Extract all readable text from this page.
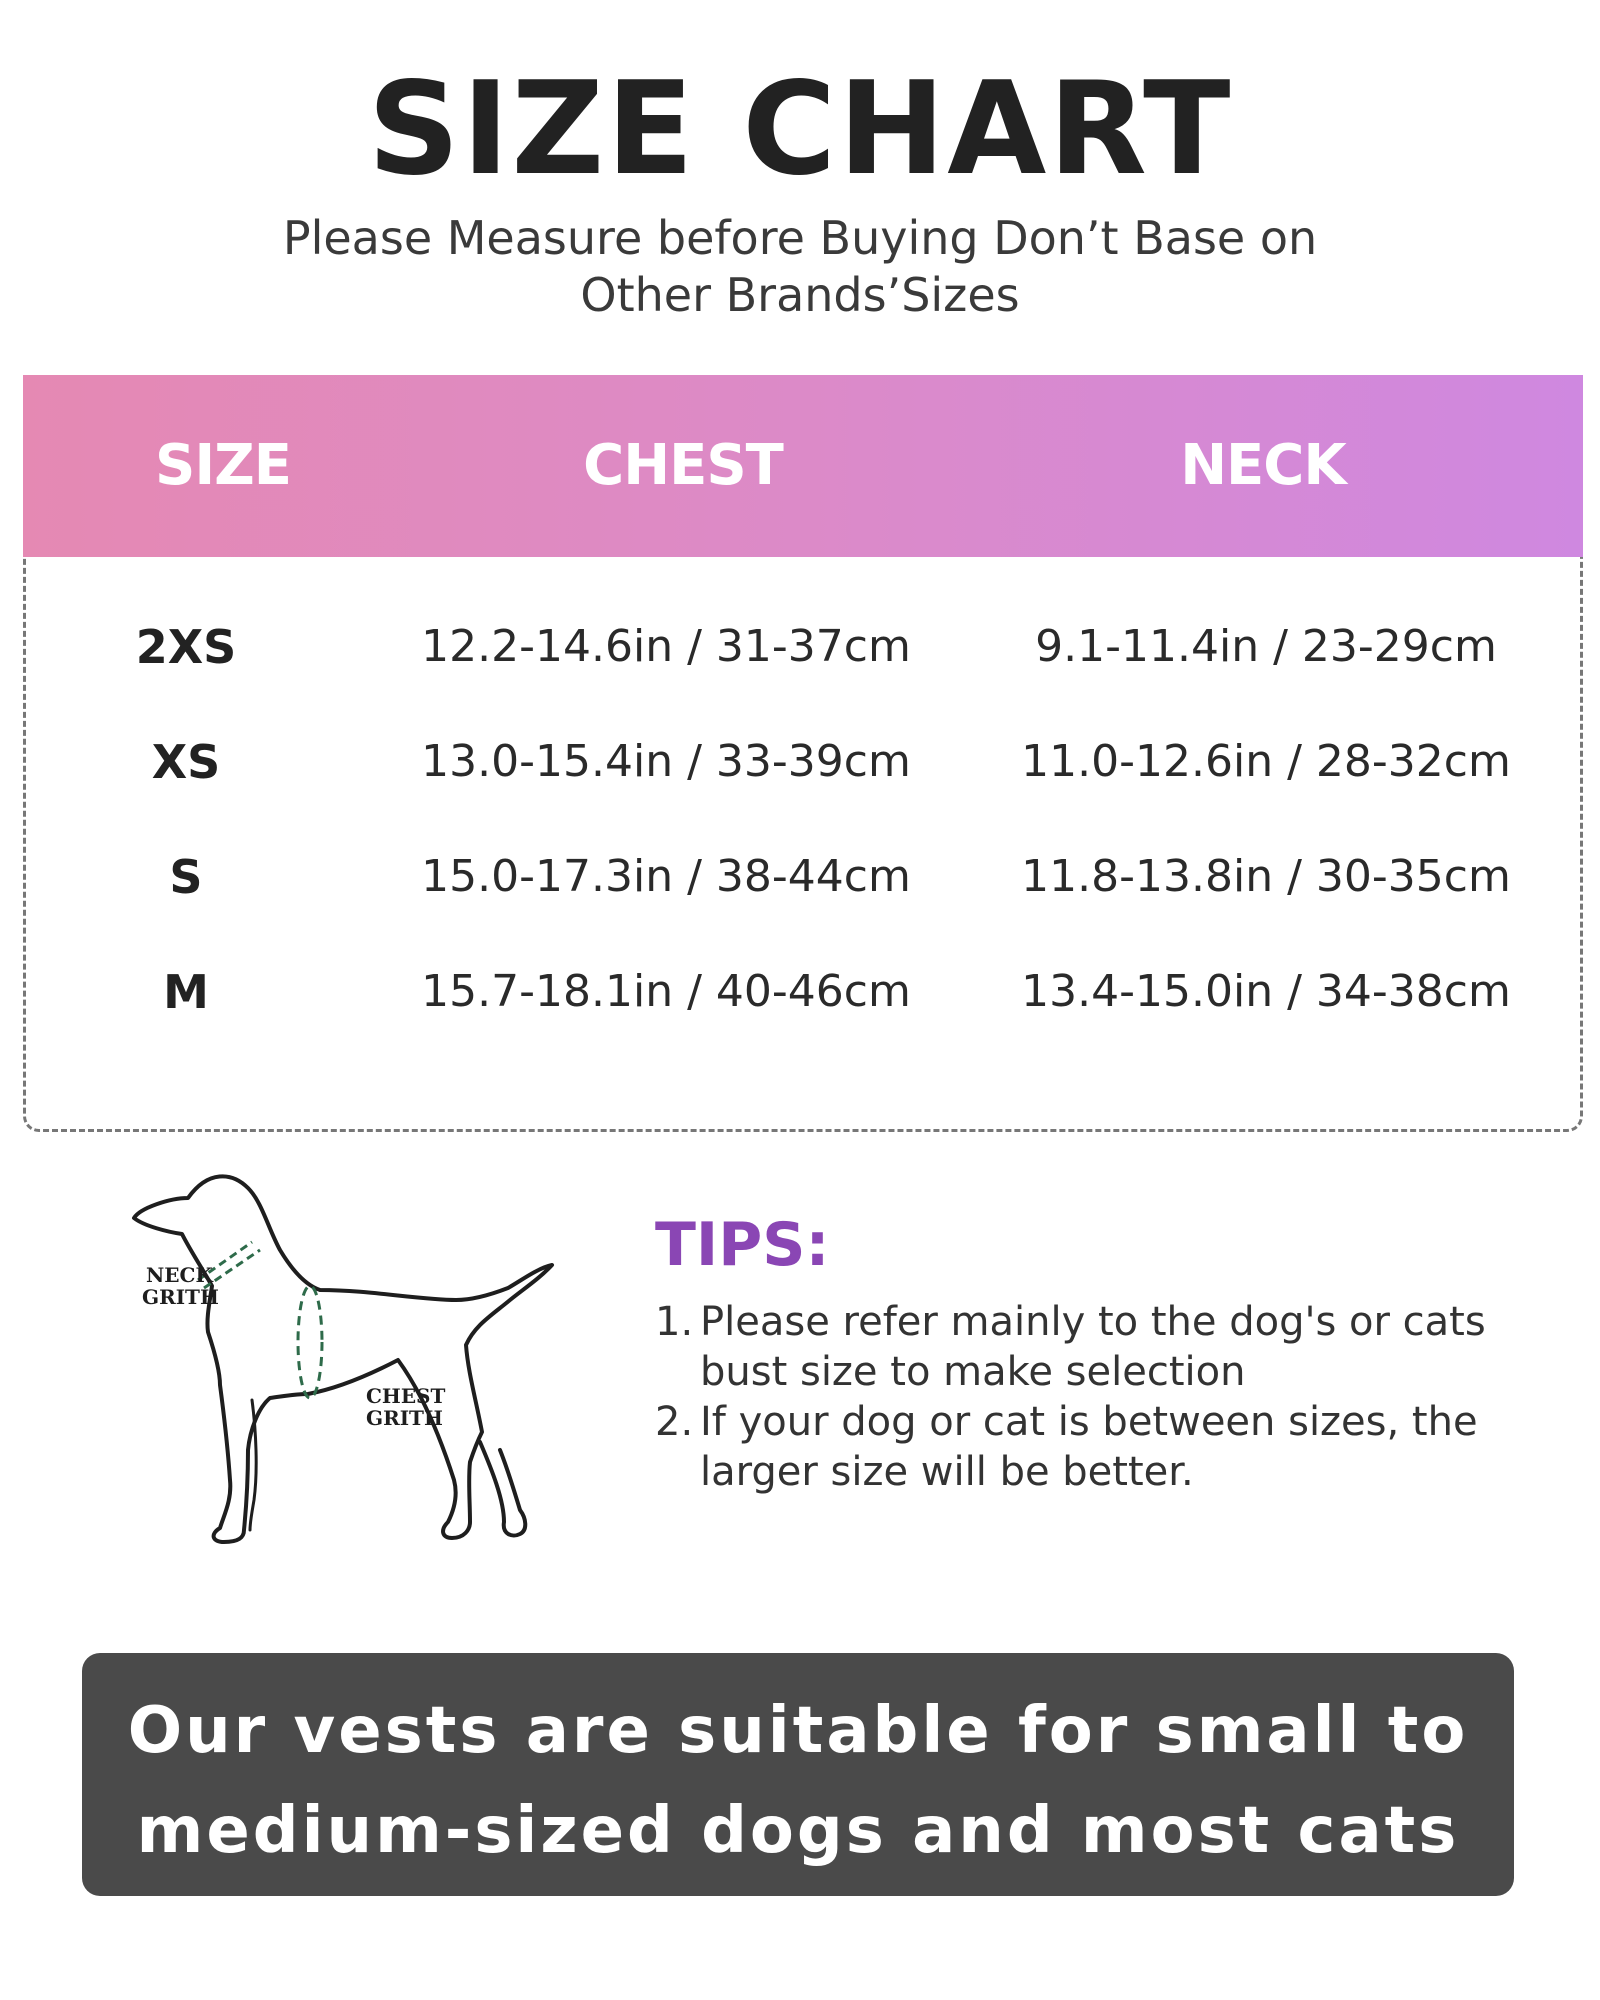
SIZE CHART
Please Measure before Buying Don’t Base on
Other Brands’Sizes
SIZE	CHEST	NECK
2XS	12.2-14.6in / 31-37cm	9.1-11.4in / 23-29cm
XS	13.0-15.4in / 33-39cm	11.0-12.6in / 28-32cm
S	15.0-17.3in / 38-44cm	11.8-13.8in / 30-35cm
M	15.7-18.1in / 40-46cm	13.4-15.0in / 34-38cm
NECK
GRITH
CHEST
GRITH
TIPS:
1. Please refer mainly to the dog's or cats
bust size to make selection
2. If your dog or cat is between sizes, the
larger size will be better.
Our vests are suitable for small to
medium-sized dogs and most cats
